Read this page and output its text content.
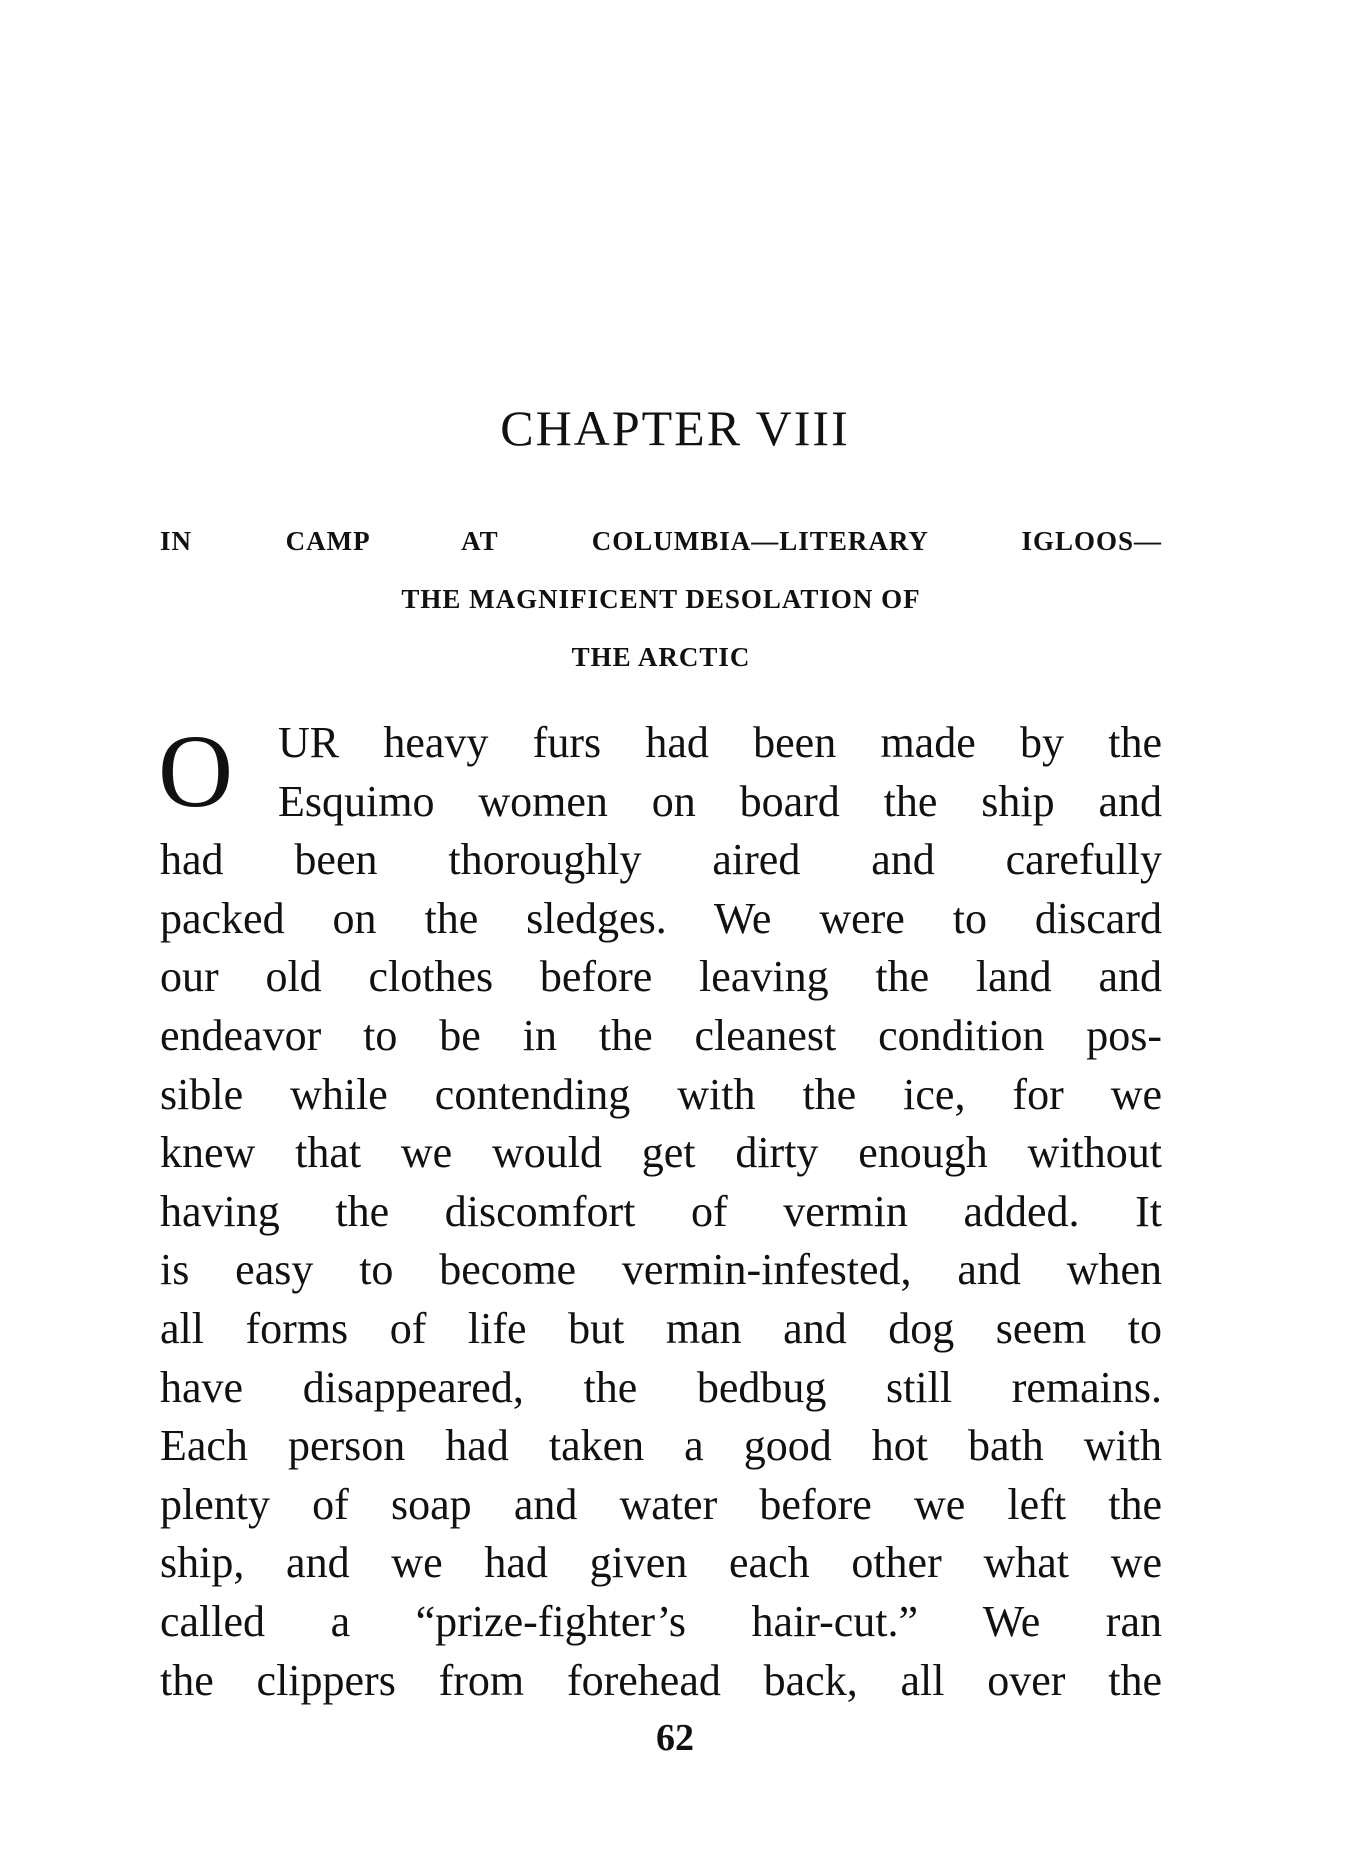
CHAPTER VIII
IN CAMP AT COLUMBIA—LITERARY IGLOOS—
THE MAGNIFICENT DESOLATION OF
THE ARCTIC
O UR heavy furs had been made by the
Esquimo women on board the ship and
had been thoroughly aired and carefully
packed on the sledges. We were to discard
our old clothes before leaving the land and
endeavor to be in the cleanest condition pos-
sible while contending with the ice, for we
knew that we would get dirty enough without
having the discomfort of vermin added. It
is easy to become vermin-infested, and when
all forms of life but man and dog seem to
have disappeared, the bedbug still remains.
Each person had taken a good hot bath with
plenty of soap and water before we left the
ship, and we had given each other what we
called a “prize-fighter’s hair-cut.” We ran
the clippers from forehead back, all over the
62
